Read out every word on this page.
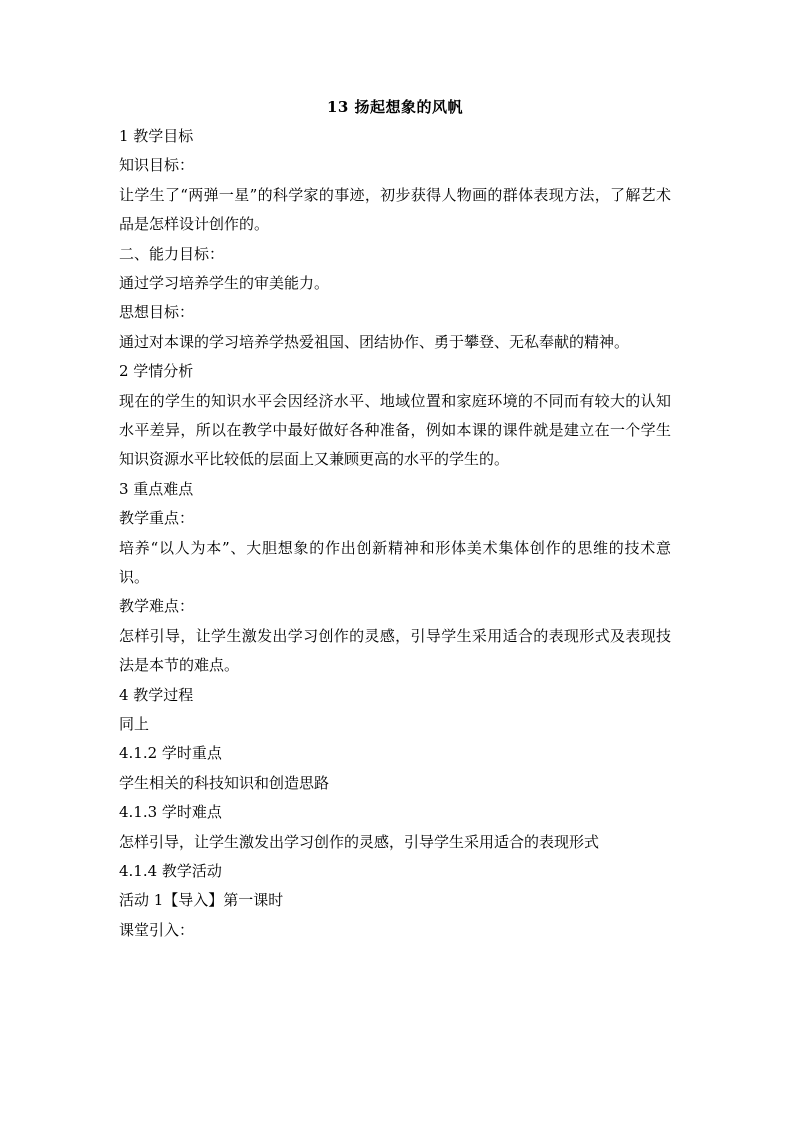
13 扬起想象的风帆
1 教学目标
知识目标：
让学生了“两弹一星”的科学家的事迹，初步获得人物画的群体表现方法，了解艺术品是怎样设计创作的。
二、能力目标：
通过学习培养学生的审美能力。
思想目标：
通过对本课的学习培养学热爱祖国、团结协作、勇于攀登、无私奉献的精神。
2 学情分析
现在的学生的知识水平会因经济水平、地域位置和家庭环境的不同而有较大的认知水平差异，所以在教学中最好做好各种准备，例如本课的课件就是建立在一个学生知识资源水平比较低的层面上又兼顾更高的水平的学生的。
3 重点难点
教学重点：
培养“以人为本”、大胆想象的作出创新精神和形体美术集体创作的思维的技术意识。
教学难点：
怎样引导，让学生激发出学习创作的灵感，引导学生采用适合的表现形式及表现技法是本节的难点。
4 教学过程
同上
4.1.2 学时重点
学生相关的科技知识和创造思路
4.1.3 学时难点
怎样引导，让学生激发出学习创作的灵感，引导学生采用适合的表现形式
4.1.4 教学活动
活动 1【导入】第一课时
课堂引入：
